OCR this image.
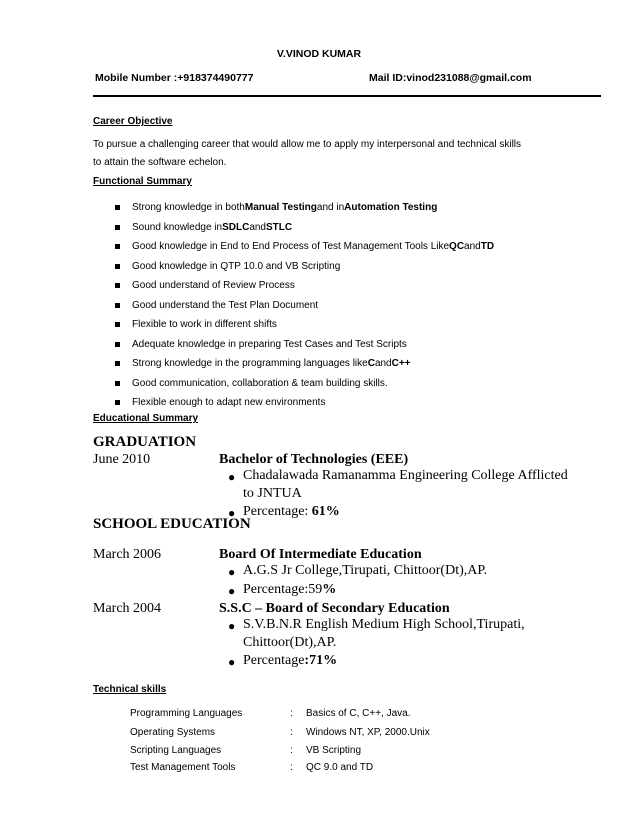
V.VINOD KUMAR
Mobile Number :+918374490777	Mail ID:vinod231088@gmail.com
Career Objective
To pursue a challenging career that would allow me to apply my interpersonal and technical skills
to attain the software echelon.
Functional Summary
Strong knowledge in both Manual Testing and in Automation Testing
Sound knowledge in SDLC and STLC
Good knowledge in End to End Process of Test Management Tools Like QC and TD
Good knowledge in QTP 10.0 and VB Scripting
Good understand of Review Process
Good understand the Test Plan Document
Flexible to work in different shifts
Adequate knowledge in preparing Test Cases and Test Scripts
Strong knowledge in the programming languages like C and C++
Good communication, collaboration & team building skills.
Flexible enough to adapt new environments
Educational Summary
GRADUATION
June 2010	Bachelor of Technologies (EEE)
● Chadalawada Ramanamma Engineering College Afflicted
to JNTUA
● Percentage: 61%
SCHOOL EDUCATION
March 2006	Board Of Intermediate Education
● A.G.S Jr College,Tirupati, Chittoor(Dt),AP.
● Percentage:59%
March 2004	S.S.C – Board of Secondary Education
● S.V.B.N.R English Medium High School,Tirupati,
Chittoor(Dt),AP.
● Percentage:71%
Technical skills
Programming Languages	: Basics of C, C++, Java.
Operating Systems	: Windows NT, XP, 2000.Unix
Scripting Languages	: VB Scripting
Test Management Tools	: QC 9.0 and TD
